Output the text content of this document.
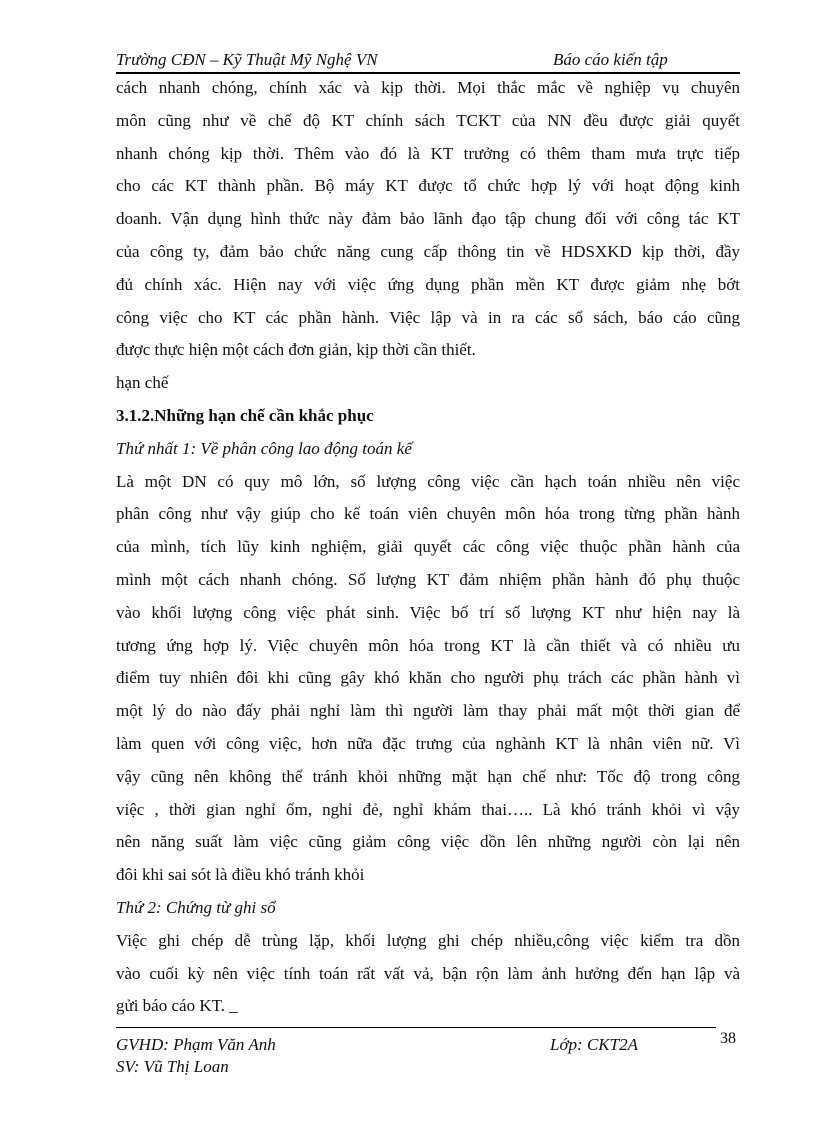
Trường CĐN – Kỹ Thuật Mỹ Nghệ VN	Báo cáo kiến tập
cách nhanh chóng, chính xác và kịp thời. Mọi thắc mắc về nghiệp vụ chuyên
môn cũng như về chế độ KT chính sách TCKT của NN đều được giải quyết
nhanh chóng kịp thời. Thêm vào đó là KT trưởng có thêm tham mưa trực tiếp
cho các KT thành phần. Bộ máy KT được tổ chức hợp lý với hoạt động kinh
doanh. Vận dụng hình thức này đảm bảo lãnh đạo tập chung đối với công tác KT
của công ty, đảm bảo chức năng cung cấp thông tin về HDSXKD kịp thời, đầy
đủ chính xác. Hiện nay với việc ứng dụng phần mền KT được giảm nhẹ bớt
công việc cho KT các phần hành. Việc lập và in ra các sổ sách, báo cáo cũng
được thực hiện một cách đơn giản, kịp thời cần thiết.
hạn chế
3.1.2.Những hạn chế cần khắc phục
Thứ nhất 1: Về phân công lao động toán kế
Là một DN có quy mô lớn, số lượng công việc cần hạch toán nhiều nên việc
phân công như vậy giúp cho kế toán viên chuyên môn hóa trong từng phần hành
của mình, tích lũy kinh nghiệm, giải quyết các công việc thuộc phần hành của
mình một cách nhanh chóng. Số lượng KT đảm nhiệm phần hành đó phụ thuộc
vào khối lượng công việc phát sinh. Việc bố trí số lượng KT như hiện nay là
tương ứng hợp lý. Việc chuyên môn hóa trong KT là cần thiết và có nhiều ưu
điểm tuy nhiên đôi khi cũng gây khó khăn cho người phụ trách các phần hành vì
một lý do nào đấy phải nghỉ làm thì người làm thay phải mất một thời gian để
làm quen với công việc, hơn nữa đặc trưng của nghành KT là nhân viên nữ. Vì
vậy cũng nên không thể tránh khỏi những mặt hạn chế như: Tốc độ trong công
việc , thời gian nghỉ ốm, nghỉ đẻ, nghỉ khám thai….. Là khó tránh khỏi vì vậy
nên năng suất làm việc cũng giảm công việc dồn lên những người còn lại nên
đôi khi sai sót là điều khó tránh khỏi
Thứ 2: Chứng từ ghi sổ
Việc ghi chép dễ trùng lặp, khối lượng ghi chép nhiều,công việc kiểm tra dồn
vào cuối kỳ nên việc tính toán rất vất vả, bận rộn làm ảnh hưởng đến hạn lập và
gửi báo cáo KT. _
GVHD: Phạm Văn Anh	Lớp: CKT2A
SV: Vũ Thị Loan
38
